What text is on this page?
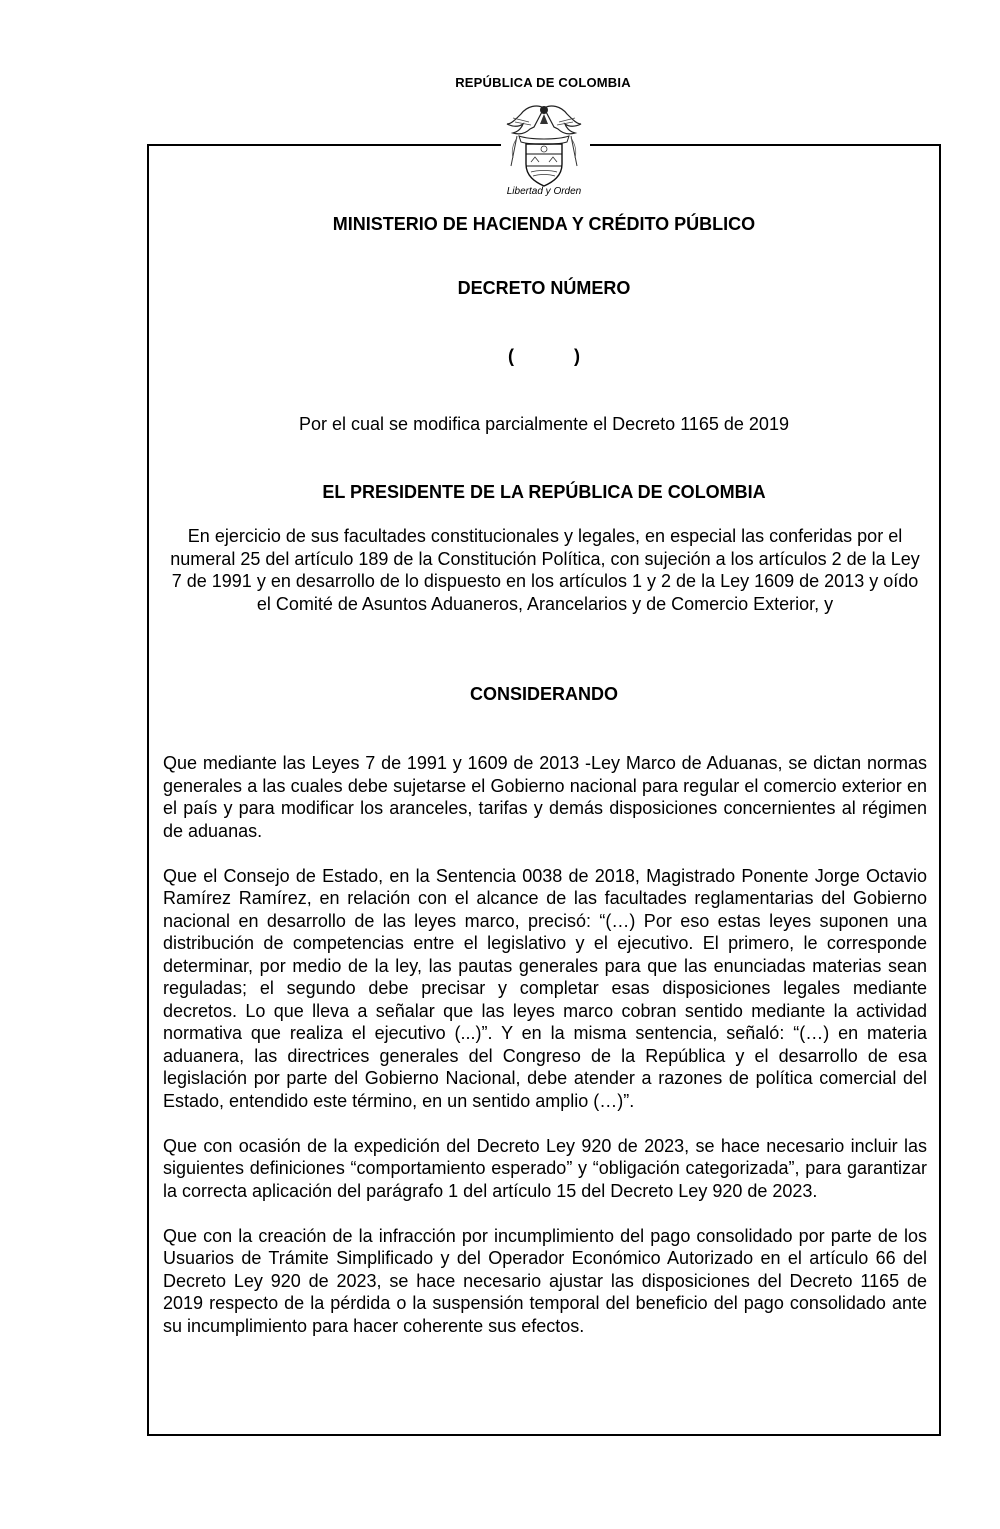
REPÚBLICA DE COLOMBIA
Libertad y Orden
MINISTERIO DE HACIENDA Y CRÉDITO PÚBLICO
DECRETO NÚMERO
(            )
Por el cual se modifica parcialmente el Decreto 1165 de 2019
EL PRESIDENTE DE LA REPÚBLICA DE COLOMBIA
En ejercicio de sus facultades constitucionales y legales, en especial las conferidas por el numeral 25 del artículo 189 de la Constitución Política, con sujeción a los artículos 2 de la Ley 7 de 1991 y en desarrollo de lo dispuesto en los artículos 1 y 2 de la Ley 1609 de 2013 y oído el Comité de Asuntos Aduaneros, Arancelarios y de Comercio Exterior, y
CONSIDERANDO

Que mediante las Leyes 7 de 1991 y 1609 de 2013 -Ley Marco de Aduanas, se dictan normas generales a las cuales debe sujetarse el Gobierno nacional para regular el comercio exterior en el país y para modificar los aranceles, tarifas y demás disposiciones concernientes al régimen de aduanas.

Que el Consejo de Estado, en la Sentencia 0038 de 2018, Magistrado Ponente Jorge Octavio Ramírez Ramírez, en relación con el alcance de las facultades reglamentarias del Gobierno nacional en desarrollo de las leyes marco, precisó: “(…) Por eso estas leyes suponen una distribución de competencias entre el legislativo y el ejecutivo. El primero, le corresponde determinar, por medio de la ley, las pautas generales para que las enunciadas materias sean reguladas; el segundo debe precisar y completar esas disposiciones legales mediante decretos. Lo que lleva a señalar que las leyes marco cobran sentido mediante la actividad normativa que realiza el ejecutivo (...)”. Y en la misma sentencia, señaló: “(…) en materia aduanera, las directrices generales del Congreso de la República y el desarrollo de esa legislación por parte del Gobierno Nacional, debe atender a razones de política comercial del Estado, entendido este término, en un sentido amplio (…)”.

Que con ocasión de la expedición del Decreto Ley 920 de 2023, se hace necesario incluir las siguientes definiciones “comportamiento esperado” y “obligación categorizada”, para garantizar la correcta aplicación del parágrafo 1 del artículo 15 del Decreto Ley 920 de 2023.

Que con la creación de la infracción por incumplimiento del pago consolidado por parte de los Usuarios de Trámite Simplificado y del Operador Económico Autorizado en el artículo 66 del Decreto Ley 920 de 2023, se hace necesario ajustar las disposiciones del Decreto 1165 de 2019 respecto de la pérdida o la suspensión temporal del beneficio del pago consolidado ante su incumplimiento para hacer coherente sus efectos.
